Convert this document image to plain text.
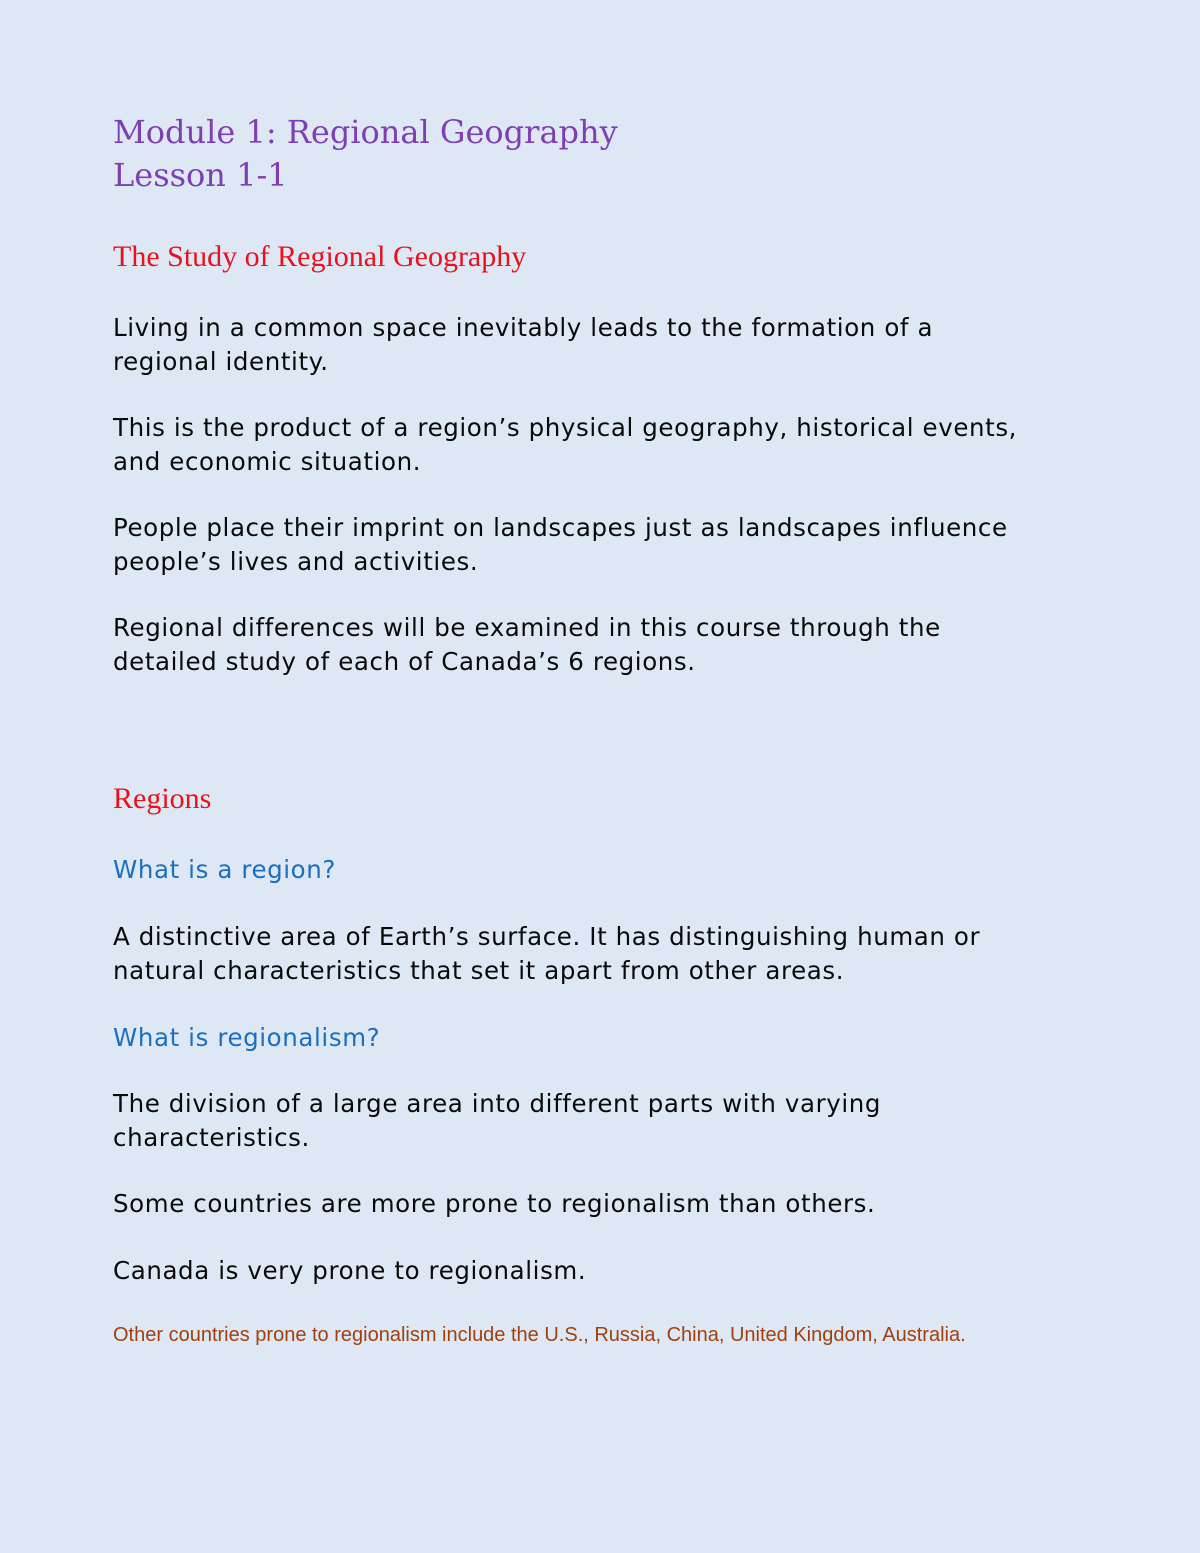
Module 1: Regional Geography
Lesson 1-1
The Study of Regional Geography
Living in a common space inevitably leads to the formation of a
regional identity.
This is the product of a region’s physical geography, historical events,
and economic situation.
People place their imprint on landscapes just as landscapes influence
people’s lives and activities.
Regional differences will be examined in this course through the
detailed study of each of Canada’s 6 regions.
Regions
What is a region?
A distinctive area of Earth’s surface. It has distinguishing human or
natural characteristics that set it apart from other areas.
What is regionalism?
The division of a large area into different parts with varying
characteristics.
Some countries are more prone to regionalism than others.
Canada is very prone to regionalism.
Other countries prone to regionalism include the U.S., Russia, China, United Kingdom, Australia.
